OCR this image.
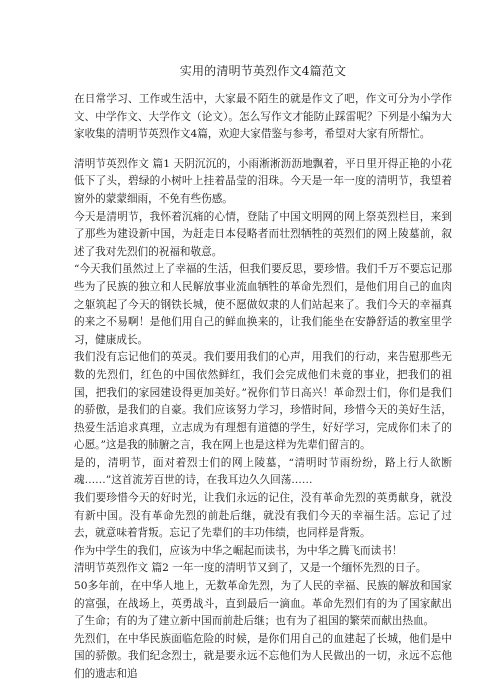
实用的清明节英烈作文4篇范文

在日常学习、工作或生活中，大家最不陌生的就是作文了吧，作文可分为小学作文、中学作文、大学作文（论文）。怎么写作文才能防止踩雷呢？下列是小编为大家收集的清明节英烈作文4篇，欢迎大家借鉴与参考，希望对大家有所帮忙。

清明节英烈作文 篇1 天阴沉沉的，小雨淅淅沥沥地飘着，平日里开得正艳的小花低下了头，碧绿的小树叶上挂着晶莹的泪珠。今天是一年一度的清明节，我望着窗外的蒙蒙细雨，不免有些伤感。

今天是清明节，我怀着沉痛的心情，登陆了中国文明网的网上祭英烈栏目，来到了那些为建设新中国，为赶走日本侵略者而壮烈牺牲的英烈们的网上陵墓前，叙述了我对先烈们的祝福和敬意。

“今天我们虽然过上了幸福的生活，但我们要反思，要珍惜。我们千万不要忘记那些为了民族的独立和人民解放事业流血牺牲的革命先烈们，是他们用自己的血肉之躯筑起了今天的钢铁长城，使不愿做奴隶的人们站起来了。我们今天的幸福真的来之不易啊！是他们用自己的鲜血换来的，让我们能坐在安静舒适的教室里学习，健康成长。

我们没有忘记他们的英灵。我们要用我们的心声，用我们的行动，来告慰那些无数的先烈们，红色的中国依然鲜红，我们会完成他们未竟的事业，把我们的祖国，把我们的家园建设得更加美好。”祝你们节日高兴！革命烈士们，你们是我们的骄傲，是我们的自豪。我们应该努力学习，珍惜时间，珍惜今天的美好生活，热爱生活追求真理，立志成为有理想有道德的学生，好好学习，完成你们未了的心愿。”这是我的肺腑之言，我在网上也是这样为先辈们留言的。

是的，清明节，面对着烈士们的网上陵墓，“清明时节雨纷纷，路上行人欲断魂……”这首流芳百世的诗，在我耳边久久回荡……

我们要珍惜今天的好时光，让我们永远的记住，没有革命先烈的英勇献身，就没有新中国。没有革命先烈的前赴后继，就没有我们今天的幸福生活。忘记了过去，就意味着背叛。忘记了先辈们的丰功伟绩，也同样是背叛。

作为中学生的我们，应该为中华之崛起而读书，为中华之腾飞而读书！

清明节英烈作文 篇2 一年一度的清明节又到了，又是一个缅怀先烈的日子。

50多年前，在中华人地上，无数革命先烈，为了人民的幸福、民族的解放和国家的富强，在战场上，英勇战斗，直到最后一滴血。革命先烈们有的为了国家献出了生命；有的为了建立新中国而前赴后继；也有为了祖国的繁荣而献出热血。

先烈们，在中华民族面临危险的时候，是你们用自己的血建起了长城，他们是中国的骄傲。我们纪念烈士，就是要永远不忘他们为人民做出的一切，永远不忘他们的遗志和追
